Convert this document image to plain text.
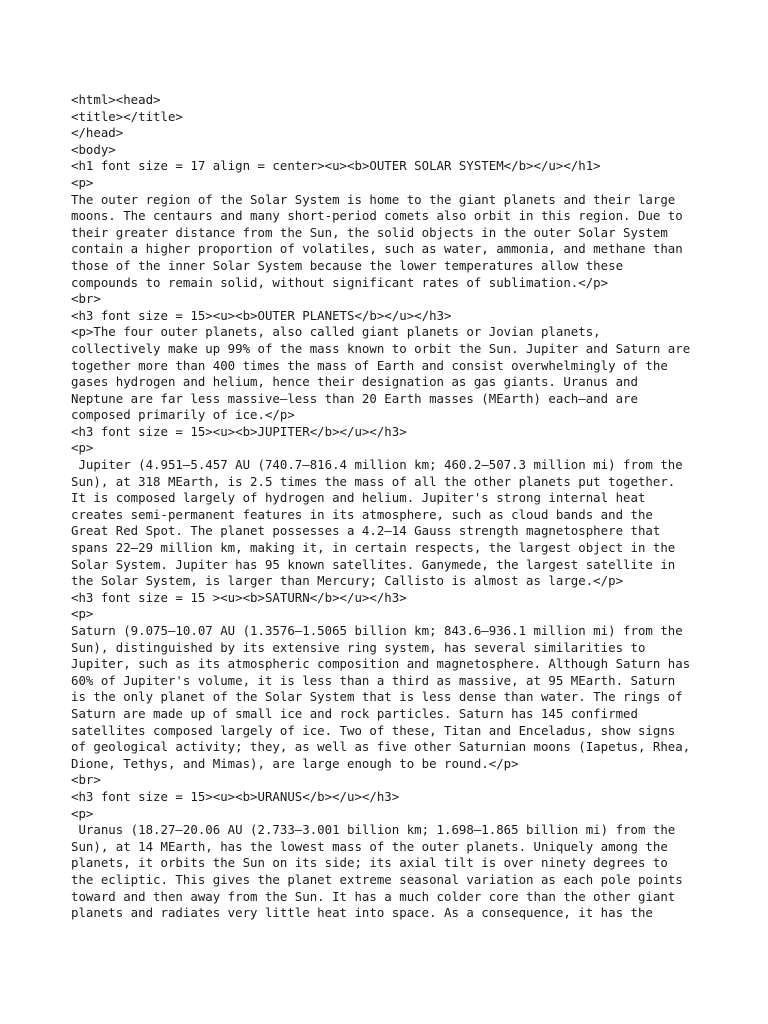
<html><head>
<title></title>
</head>
<body>
<h1 font size = 17 align = center><u><b>OUTER SOLAR SYSTEM</b></u></h1>
<p>
The outer region of the Solar System is home to the giant planets and their large
moons. The centaurs and many short-period comets also orbit in this region. Due to
their greater distance from the Sun, the solid objects in the outer Solar System
contain a higher proportion of volatiles, such as water, ammonia, and methane than
those of the inner Solar System because the lower temperatures allow these
compounds to remain solid, without significant rates of sublimation.</p>
<br>
<h3 font size = 15><u><b>OUTER PLANETS</b></u></h3>
<p>The four outer planets, also called giant planets or Jovian planets,
collectively make up 99% of the mass known to orbit the Sun. Jupiter and Saturn are
together more than 400 times the mass of Earth and consist overwhelmingly of the
gases hydrogen and helium, hence their designation as gas giants. Uranus and
Neptune are far less massive—less than 20 Earth masses (MEarth) each—and are
composed primarily of ice.</p>
<h3 font size = 15><u><b>JUPITER</b></u></h3>
<p>
Jupiter (4.951–5.457 AU (740.7–816.4 million km; 460.2–507.3 million mi) from the
Sun), at 318 MEarth, is 2.5 times the mass of all the other planets put together.
It is composed largely of hydrogen and helium. Jupiter's strong internal heat
creates semi-permanent features in its atmosphere, such as cloud bands and the
Great Red Spot. The planet possesses a 4.2–14 Gauss strength magnetosphere that
spans 22–29 million km, making it, in certain respects, the largest object in the
Solar System. Jupiter has 95 known satellites. Ganymede, the largest satellite in
the Solar System, is larger than Mercury; Callisto is almost as large.</p>
<h3 font size = 15 ><u><b>SATURN</b></u></h3>
<p>
Saturn (9.075–10.07 AU (1.3576–1.5065 billion km; 843.6–936.1 million mi) from the
Sun), distinguished by its extensive ring system, has several similarities to
Jupiter, such as its atmospheric composition and magnetosphere. Although Saturn has
60% of Jupiter's volume, it is less than a third as massive, at 95 MEarth. Saturn
is the only planet of the Solar System that is less dense than water. The rings of
Saturn are made up of small ice and rock particles. Saturn has 145 confirmed
satellites composed largely of ice. Two of these, Titan and Enceladus, show signs
of geological activity; they, as well as five other Saturnian moons (Iapetus, Rhea,
Dione, Tethys, and Mimas), are large enough to be round.</p>
<br>
<h3 font size = 15><u><b>URANUS</b></u></h3>
<p>
Uranus (18.27–20.06 AU (2.733–3.001 billion km; 1.698–1.865 billion mi) from the
Sun), at 14 MEarth, has the lowest mass of the outer planets. Uniquely among the
planets, it orbits the Sun on its side; its axial tilt is over ninety degrees to
the ecliptic. This gives the planet extreme seasonal variation as each pole points
toward and then away from the Sun. It has a much colder core than the other giant
planets and radiates very little heat into space. As a consequence, it has the
